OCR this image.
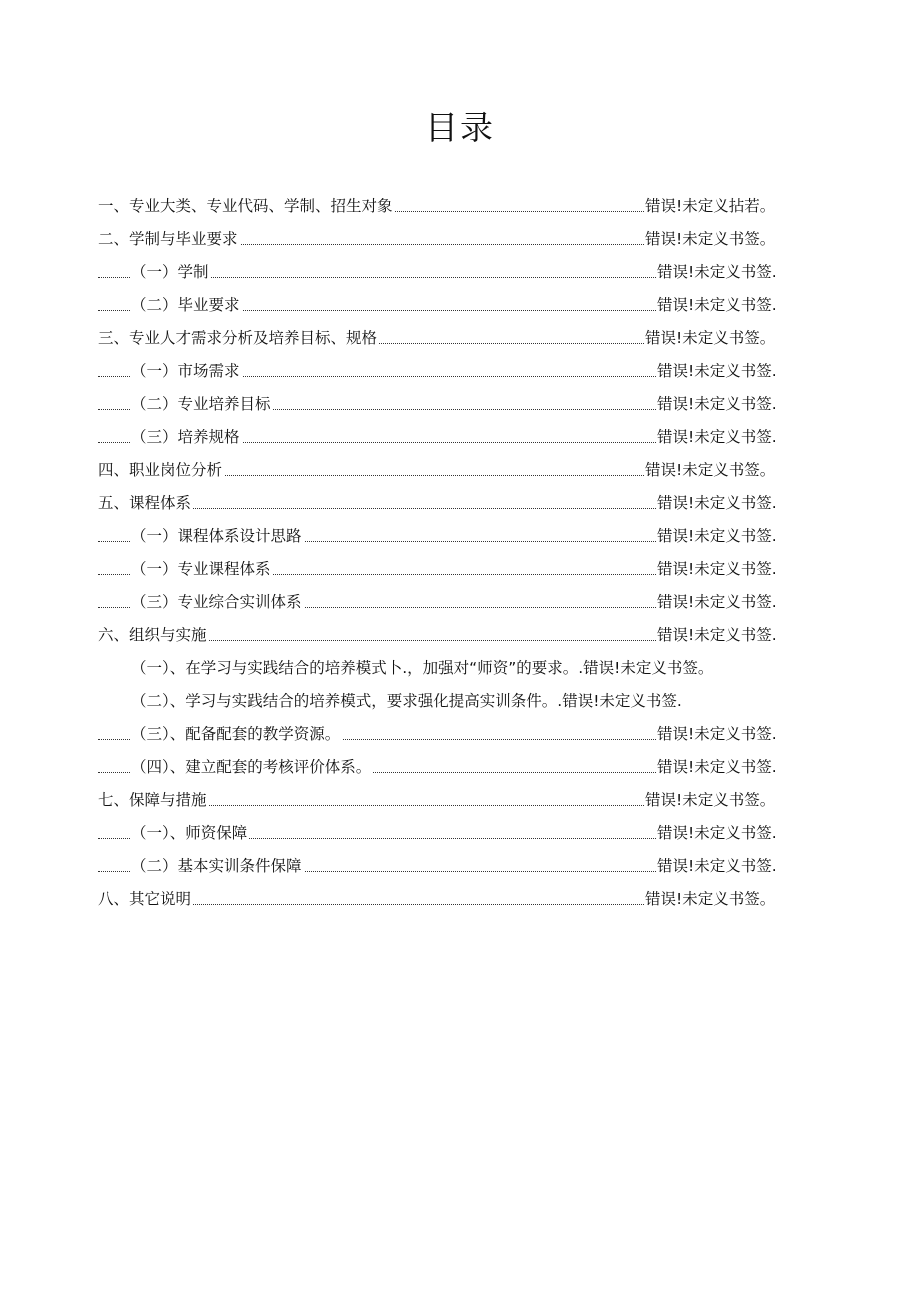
目录
一、专业大类、专业代码、学制、招生对象	错误!未定义拈若。
二、学制与毕业要求	错误!未定义书签。
（一）学制	错误!未定义书签.
（二）毕业要求	错误!未定义书签.
三、专业人才需求分析及培养目标、规格	错误!未定义书签。
（一）市场需求	错误!未定义书签.
（二）专业培养目标	错误!未定义书签.
（三）培养规格	错误!未定义书签.
四、职业岗位分析	错误!未定义书签。
五、课程体系	错误!未定义书签.
（一）课程体系设计思路	错误!未定义书签.
（一）专业课程体系	错误!未定义书签.
（三）专业综合实训体系	错误!未定义书签.
六、组织与实施	错误!未定义书签.
（一）、在学习与实践结合的培养模式卜.，加强对“师资”的要求。 .错误!未定义书签。
（二）、学习与实践结合的培养模式，要求强化提高实训条件。 .错误!未定义书签.
（三）、配备配套的教学资源。	错误!未定义书签.
（四）、建立配套的考核评价体系。	错误!未定义书签.
七、保障与措施	错误!未定义书签。
（一）、师资保障	错误!未定义书签.
（二）基本实训条件保障	错误!未定义书签.
八、其它说明	错误!未定义书签。
